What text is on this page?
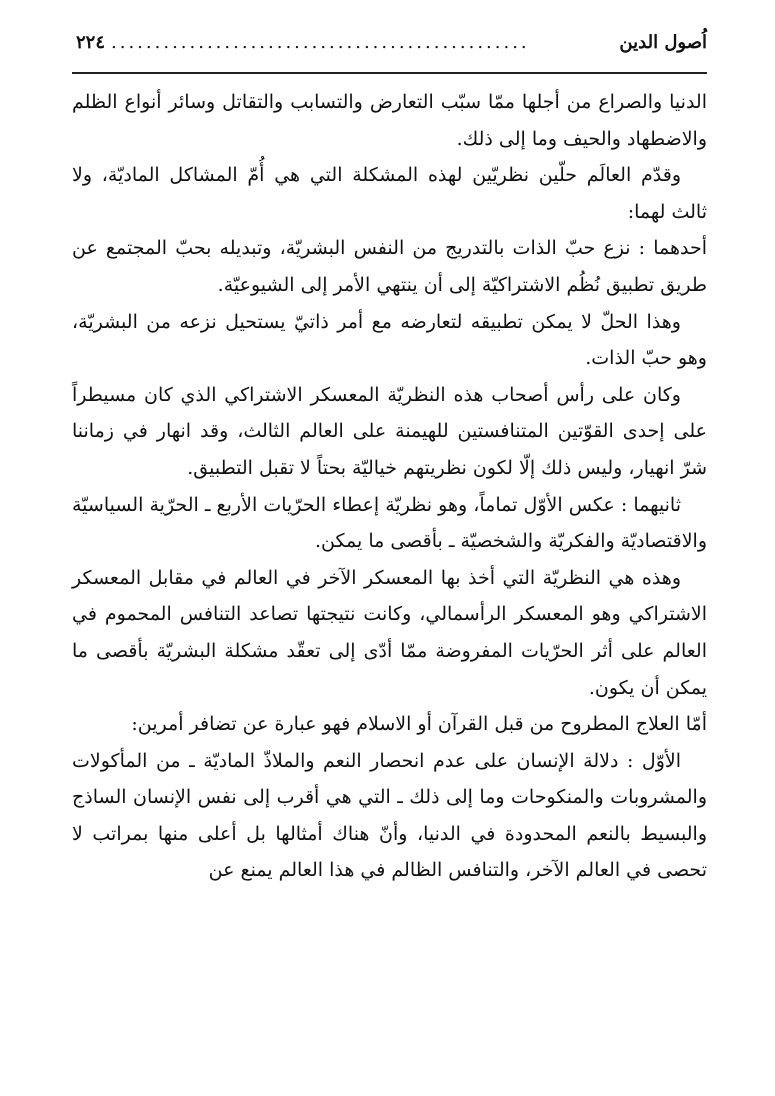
اُصول الدين
................................................
٢٢٤

الدنيا والصراع من أجلها ممّا سبّب التعارض والتسابب والتقاتل وسائر أنواع الظلم والاضطهاد والحيف وما إلى ذلك.

وقدّم العالَم حلّين نظريّين لهذه المشكلة التي هي أُمّ المشاكل الماديّة، ولا ثالث لهما:

أحدهما : نزع حبّ الذات بالتدريج من النفس البشريّة، وتبديله بحبّ المجتمع عن طريق تطبيق نُظُم الاشتراكيّة إلى أن ينتهي الأمر إلى الشيوعيّة.

وهذا الحلّ لا يمكن تطبيقه لتعارضه مع أمر ذاتيّ يستحيل نزعه من البشريّة، وهو حبّ الذات.

وكان على رأس أصحاب هذه النظريّة المعسكر الاشتراكي الذي كان مسيطراً على إحدى القوّتين المتنافستين للهيمنة على العالم الثالث، وقد انهار في زماننا شرّ انهيار، وليس ذلك إلّا لكون نظريتهم خياليّة بحتاً لا تقبل التطبيق.

ثانيهما : عكس الأوّل تماماً، وهو نظريّة إعطاء الحرّيات الأربع ـ الحرّية السياسيّة والاقتصاديّة والفكريّة والشخصيّة ـ بأقصى ما يمكن.

وهذه هي النظريّة التي أخذ بها المعسكر الآخر في العالم في مقابل المعسكر الاشتراكي وهو المعسكر الرأسمالي، وكانت نتيجتها تصاعد التنافس المحموم في العالم على أثر الحرّيات المفروضة ممّا أدّى إلى تعقّد مشكلة البشريّة بأقصى ما يمكن أن يكون.

أمّا العلاج المطروح من قبل القرآن أو الاسلام فهو عبارة عن تضافر أمرين:

الأوّل : دلالة الإنسان على عدم انحصار النعم والملاذّ الماديّة ـ من المأكولات والمشروبات والمنكوحات وما إلى ذلك ـ التي هي أقرب إلى نفس الإنسان الساذج والبسيط بالنعم المحدودة في الدنيا، وأنّ هناك أمثالها بل أعلى منها بمراتب لا تحصى في العالم الآخر، والتنافس الظالم في هذا العالم يمنع عن
